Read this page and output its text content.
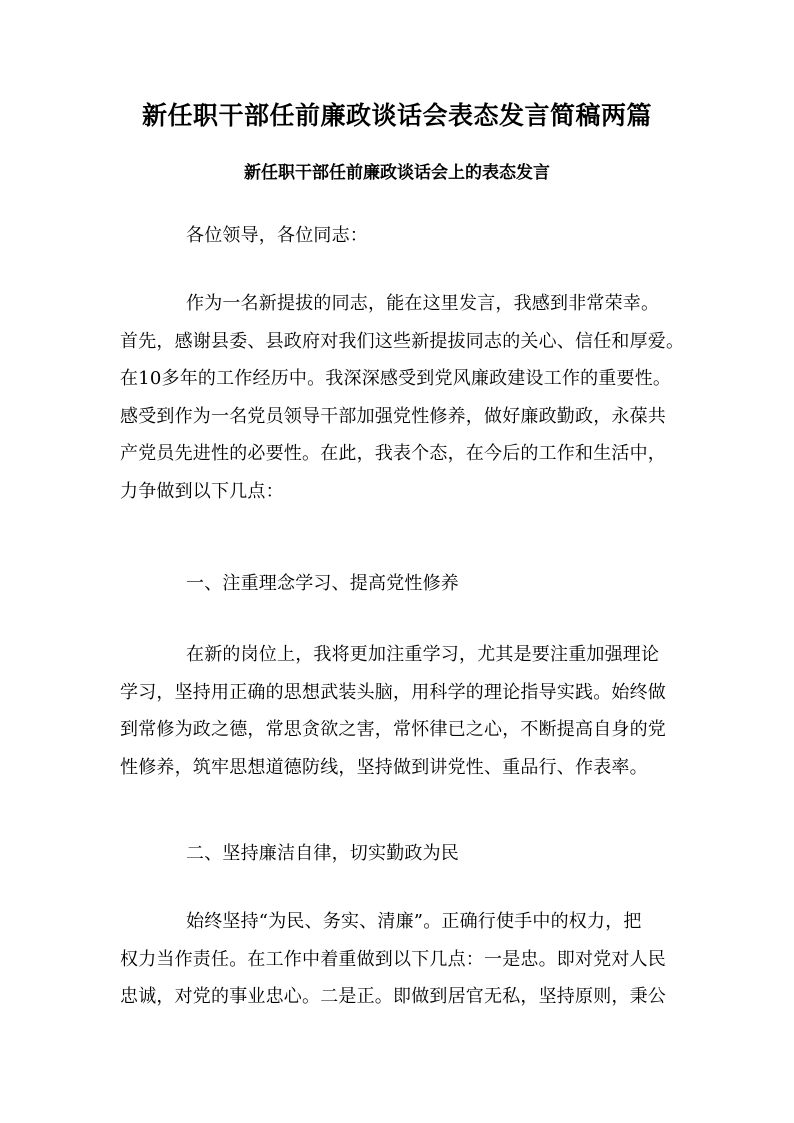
新任职干部任前廉政谈话会表态发言简稿两篇
新任职干部任前廉政谈话会上的表态发言
各位领导，各位同志：
作为一名新提拔的同志，能在这里发言，我感到非常荣幸。
首先，感谢县委、县政府对我们这些新提拔同志的关心、信任和厚爱。
在10多年的工作经历中。我深深感受到党风廉政建设工作的重要性。
感受到作为一名党员领导干部加强党性修养，做好廉政勤政，永葆共
产党员先进性的必要性。在此，我表个态，在今后的工作和生活中，
力争做到以下几点：
一、注重理念学习、提高党性修养
在新的岗位上，我将更加注重学习，尤其是要注重加强理论
学习，坚持用正确的思想武装头脑，用科学的理论指导实践。始终做
到常修为政之德，常思贪欲之害，常怀律已之心，不断提高自身的党
性修养，筑牢思想道德防线，坚持做到讲党性、重品行、作表率。
二、坚持廉洁自律，切实勤政为民
始终坚持“为民、务实、清廉”。正确行使手中的权力，把
权力当作责任。在工作中着重做到以下几点：一是忠。即对党对人民
忠诚，对党的事业忠心。二是正。即做到居官无私，坚持原则，秉公
